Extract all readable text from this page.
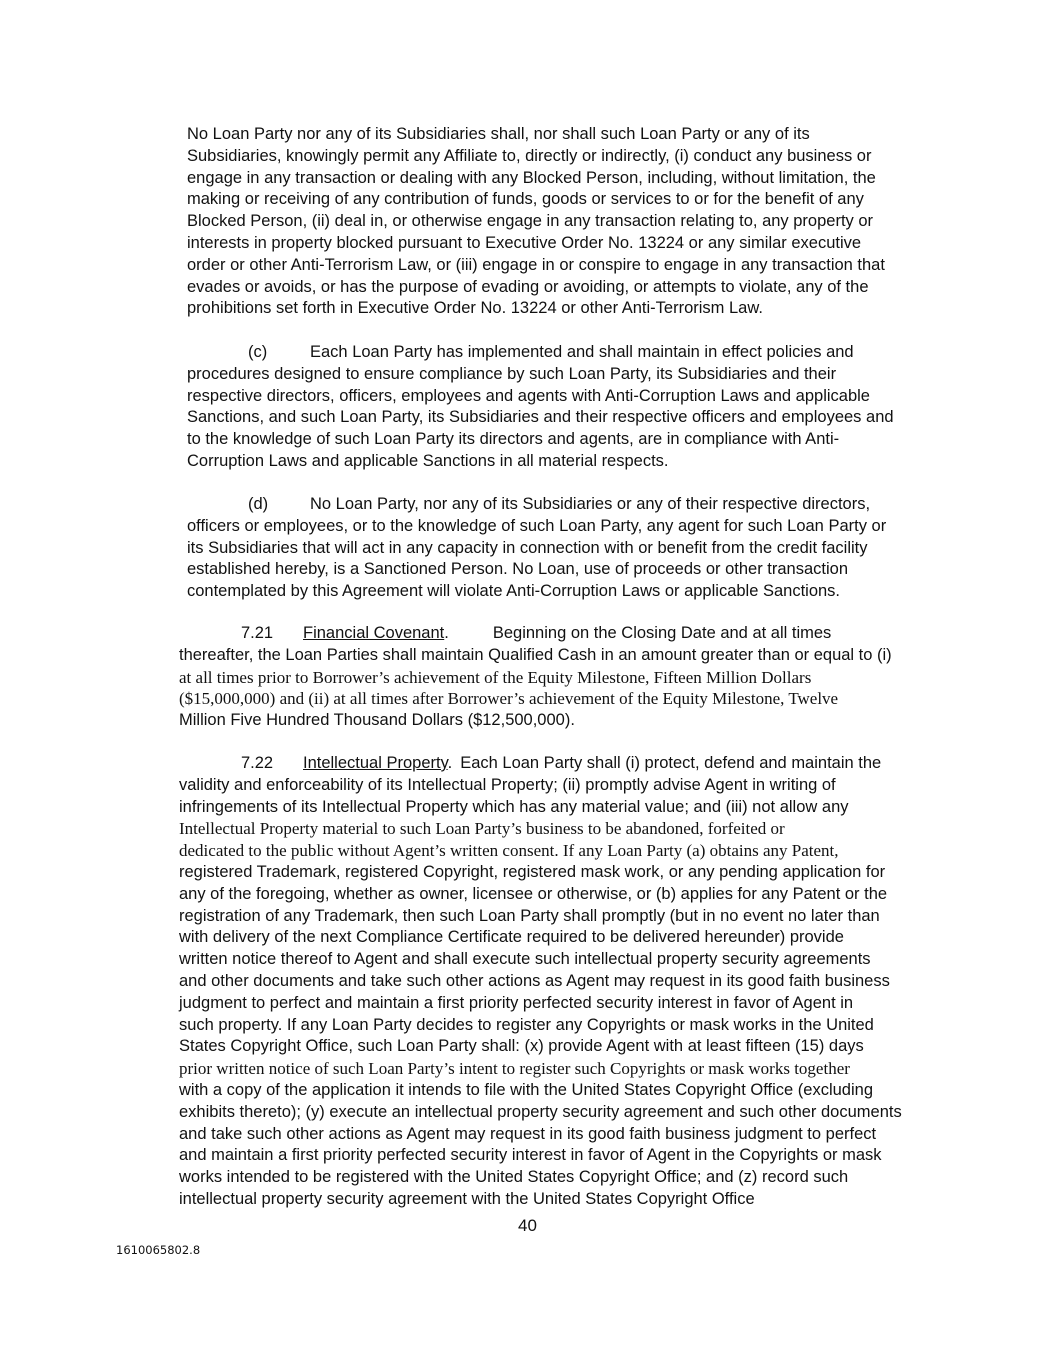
No Loan Party nor any of its Subsidiaries shall, nor shall such Loan Party or any of its
Subsidiaries, knowingly permit any Affiliate to, directly or indirectly, (i) conduct any business or
engage in any transaction or dealing with any Blocked Person, including, without limitation, the
making or receiving of any contribution of funds, goods or services to or for the benefit of any
Blocked Person, (ii) deal in, or otherwise engage in any transaction relating to, any property or
interests in property blocked pursuant to Executive Order No. 13224 or any similar executive
order or other Anti-Terrorism Law, or (iii) engage in or conspire to engage in any transaction that
evades or avoids, or has the purpose of evading or avoiding, or attempts to violate, any of the
prohibitions set forth in Executive Order No. 13224 or other Anti-Terrorism Law.
(c)	Each Loan Party has implemented and shall maintain in effect policies and
procedures designed to ensure compliance by such Loan Party, its Subsidiaries and their
respective directors, officers, employees and agents with Anti-Corruption Laws and applicable
Sanctions, and such Loan Party, its Subsidiaries and their respective officers and employees and
to the knowledge of such Loan Party its directors and agents, are in compliance with Anti-
Corruption Laws and applicable Sanctions in all material respects.
(d)	No Loan Party, nor any of its Subsidiaries or any of their respective directors,
officers or employees, or to the knowledge of such Loan Party, any agent for such Loan Party or
its Subsidiaries that will act in any capacity in connection with or benefit from the credit facility
established hereby, is a Sanctioned Person. No Loan, use of proceeds or other transaction
contemplated by this Agreement will violate Anti-Corruption Laws or applicable Sanctions.
7.21 Financial Covenant.	Beginning on the Closing Date and at all times
thereafter, the Loan Parties shall maintain Qualified Cash in an amount greater than or equal to (i)
at all times prior to Borrower’s achievement of the Equity Milestone, Fifteen Million Dollars
($15,000,000) and (ii) at all times after Borrower’s achievement of the Equity Milestone, Twelve
Million Five Hundred Thousand Dollars ($12,500,000).
7.22 Intellectual Property. Each Loan Party shall (i) protect, defend and maintain the
validity and enforceability of its Intellectual Property; (ii) promptly advise Agent in writing of
infringements of its Intellectual Property which has any material value; and (iii) not allow any
Intellectual Property material to such Loan Party’s business to be abandoned, forfeited or
dedicated to the public without Agent’s written consent. If any Loan Party (a) obtains any Patent,
registered Trademark, registered Copyright, registered mask work, or any pending application for
any of the foregoing, whether as owner, licensee or otherwise, or (b) applies for any Patent or the
registration of any Trademark, then such Loan Party shall promptly (but in no event no later than
with delivery of the next Compliance Certificate required to be delivered hereunder) provide
written notice thereof to Agent and shall execute such intellectual property security agreements
and other documents and take such other actions as Agent may request in its good faith business
judgment to perfect and maintain a first priority perfected security interest in favor of Agent in
such property. If any Loan Party decides to register any Copyrights or mask works in the United
States Copyright Office, such Loan Party shall: (x) provide Agent with at least fifteen (15) days
prior written notice of such Loan Party’s intent to register such Copyrights or mask works together
with a copy of the application it intends to file with the United States Copyright Office (excluding
exhibits thereto); (y) execute an intellectual property security agreement and such other documents
and take such other actions as Agent may request in its good faith business judgment to perfect
and maintain a first priority perfected security interest in favor of Agent in the Copyrights or mask
works intended to be registered with the United States Copyright Office; and (z) record such
intellectual property security agreement with the United States Copyright Office
40
1610065802.8
